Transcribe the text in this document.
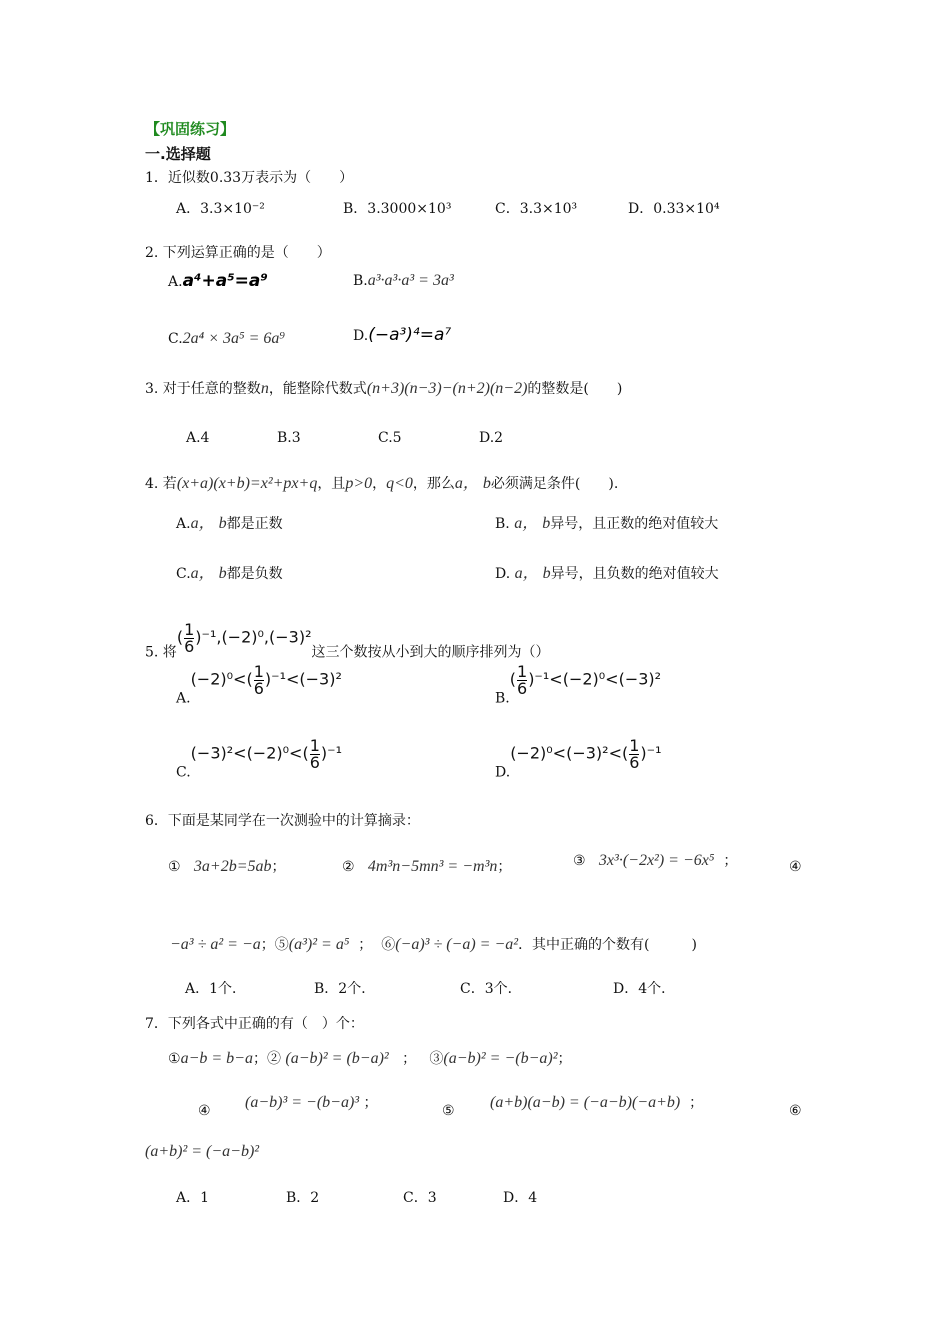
【巩固练习】
一.选择题
1．近似数0.33万表示为（　　）
A．3.3×10⁻²	B．3.3000×10³	C．3.3×10³	D．0.33×10⁴
2. 下列运算正确的是（　　）
A.a⁴+a⁵=a⁹	B.a³·a³·a³ = 3a³
C.2a⁴ × 3a⁵ = 6a⁹	D.(−a³)⁴=a⁷
3. 对于任意的整数n，能整除代数式(n+3)(n−3)−(n+2)(n−2)的整数是(　　)
A.4	B.3	C.5	D.2
4. 若(x+a)(x+b)=x²+px+q，且p>0，q<0，那么a， b必须满足条件(　　).
A.a， b都是正数	B. a， b异号，且正数的绝对值较大
C.a， b都是负数	D. a， b异号，且负数的绝对值较大
5. 将( $\frac{1}{6} )^{-1},(-2)^0,(-3)^2$这三个数按从小到大的顺序排列为（）
$A.(-2)^0<( \frac{1}{6} )^{-1}<(-3)^2$
$B.( \frac{1}{6} )^{-1}<(-2)^0<(-3)^2$
$C.(-3)^2<(-2)^0<( \frac{1}{6} )^{-1}$
$D.(-2)^0<(-3)^2<( \frac{1}{6} )^{-1}$
6．下面是某同学在一次测验中的计算摘录：
① 3a+2b=5ab；	② 4m³n−5mn³ = −m³n；	③ 3x³·(−2x²) = −6x⁵ ；	④
−a³ ÷ a² = −a；⑤(a³)² = a⁵ ； ⑥(−a)³ ÷ (−a) = −a²．其中正确的个数有(　　　)
A．1个．	B．2个．	C．3个．	D．4个．
7．下列各式中正确的有（　）个：
①a−b = b−a；② (a−b)² = (b−a)² ； ③(a−b)² = −(b−a)²；
④ (a−b)³ = −(b−a)³ ；	⑤ (a+b)(a−b) = (−a−b)(−a+b) ；	⑥
(a+b)² = (−a−b)²
A．1	B．2	C．3	D．4
